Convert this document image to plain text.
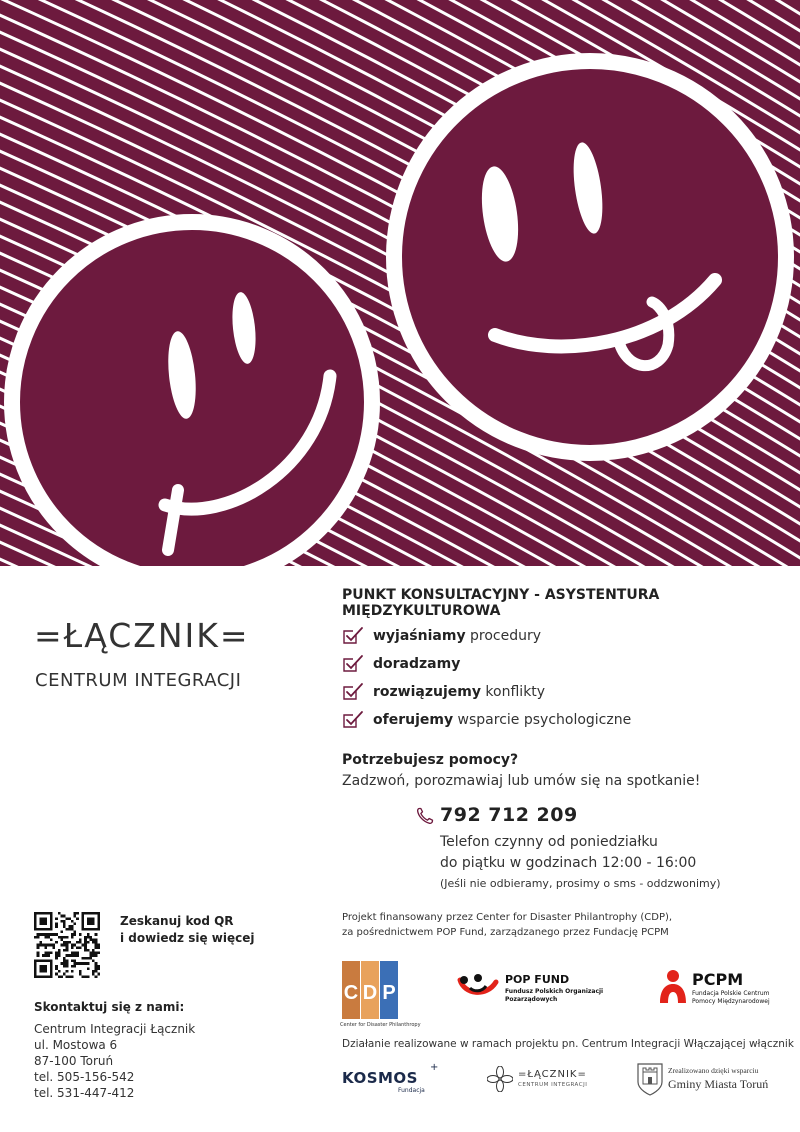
=ŁĄCZNIK=
CENTRUM INTEGRACJI
PUNKT KONSULTACYJNY - ASYSTENTURA MIĘDZYKULTUROWA
wyjaśniamy procedury
doradzamy
rozwiązujemy konflikty
oferujemy wsparcie psychologiczne
Potrzebujesz pomocy?
Zadzwoń, porozmawiaj lub umów się na spotkanie!
792 712 209
Telefon czynny od poniedziałku
do piątku w godzinach 12:00 - 16:00
(Jeśli nie odbieramy, prosimy o sms - oddzwonimy)
Zeskanuj kod QR
i dowiedz się więcej
Skontaktuj się z nami:
Centrum Integracji Łącznik
ul. Mostowa 6
87-100 Toruń
tel. 505-156-542
tel. 531-447-412
Projekt finansowany przez Center for Disaster Philantrophy (CDP),
za pośrednictwem POP Fund, zarządzanego przez Fundację PCPM
C D P
Center for Disaster Philanthropy
POP FUND
Fundusz Polskich Organizacji
Pozarządowych
PCPM
Fundacja Polskie Centrum
Pomocy Międzynarodowej
Działanie realizowane w ramach projektu pn. Centrum Integracji Włączającej włącznik
KOSMOS
+
Fundacja
=ŁĄCZNIK=
CENTRUM INTEGRACJI
Zrealizowano dzięki wsparciu
Gminy Miasta Toruń
